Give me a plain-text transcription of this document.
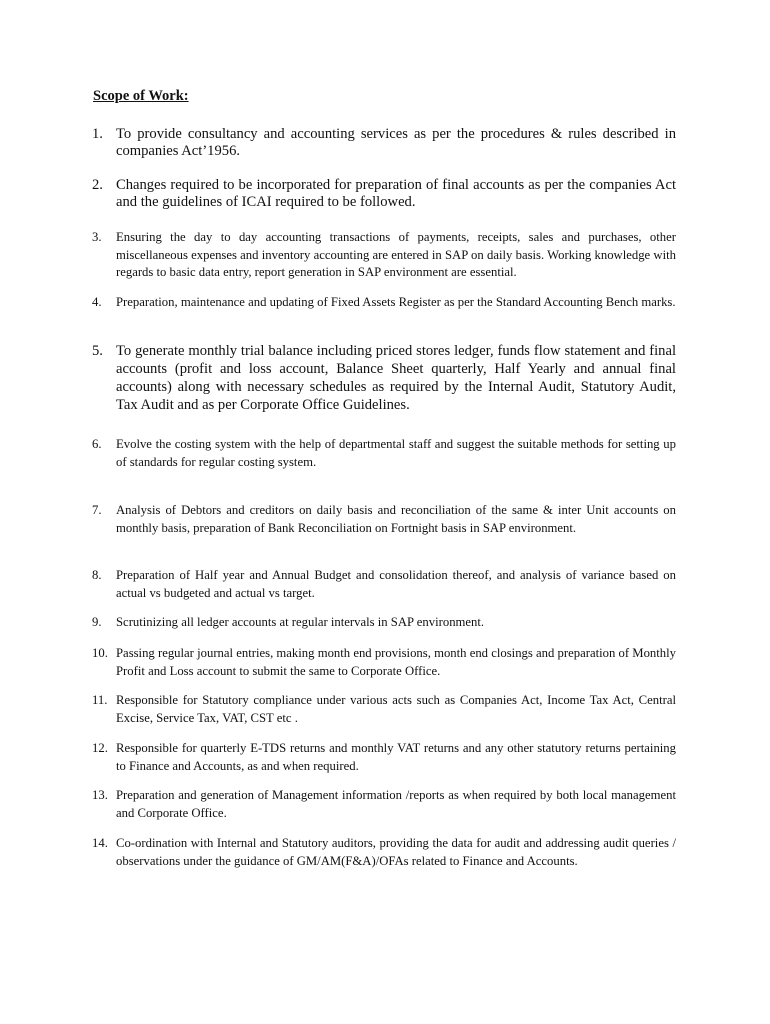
Scope of Work:
1. To provide consultancy and accounting services as per the procedures & rules described in companies Act’1956.
2. Changes required to be incorporated for preparation of final accounts as per the companies Act and the guidelines of ICAI required to be followed.
3. Ensuring the day to day accounting transactions of payments, receipts, sales and purchases, other miscellaneous expenses and inventory accounting are entered in SAP on daily basis. Working knowledge with regards to basic data entry, report generation in SAP environment are essential.
4. Preparation, maintenance and updating of Fixed Assets Register as per the Standard Accounting Bench marks.
5. To generate monthly trial balance including priced stores ledger, funds flow statement and final accounts (profit and loss account, Balance Sheet quarterly, Half Yearly and annual final accounts) along with necessary schedules as required by the Internal Audit, Statutory Audit, Tax Audit and as per Corporate Office Guidelines.
6. Evolve the costing system with the help of departmental staff and suggest the suitable methods for setting up of standards for regular costing system.
7. Analysis of Debtors and creditors on daily basis and reconciliation of the same & inter Unit accounts on monthly basis, preparation of Bank Reconciliation on Fortnight basis in SAP environment.
8. Preparation of Half year and Annual Budget and consolidation thereof, and analysis of variance based on actual vs budgeted and actual vs target.
9. Scrutinizing all ledger accounts at regular intervals in SAP environment.
10. Passing regular journal entries, making month end provisions, month end closings and preparation of Monthly Profit and Loss account to submit the same to Corporate Office.
11. Responsible for Statutory compliance under various acts such as Companies Act, Income Tax Act, Central Excise, Service Tax, VAT, CST etc .
12. Responsible for quarterly E-TDS returns and monthly VAT returns and any other statutory returns pertaining to Finance and Accounts, as and when required.
13. Preparation and generation of Management information /reports as when required by both local management and Corporate Office.
14. Co-ordination with Internal and Statutory auditors, providing the data for audit and addressing audit queries / observations under the guidance of GM/AM(F&A)/OFAs related to Finance and Accounts.
